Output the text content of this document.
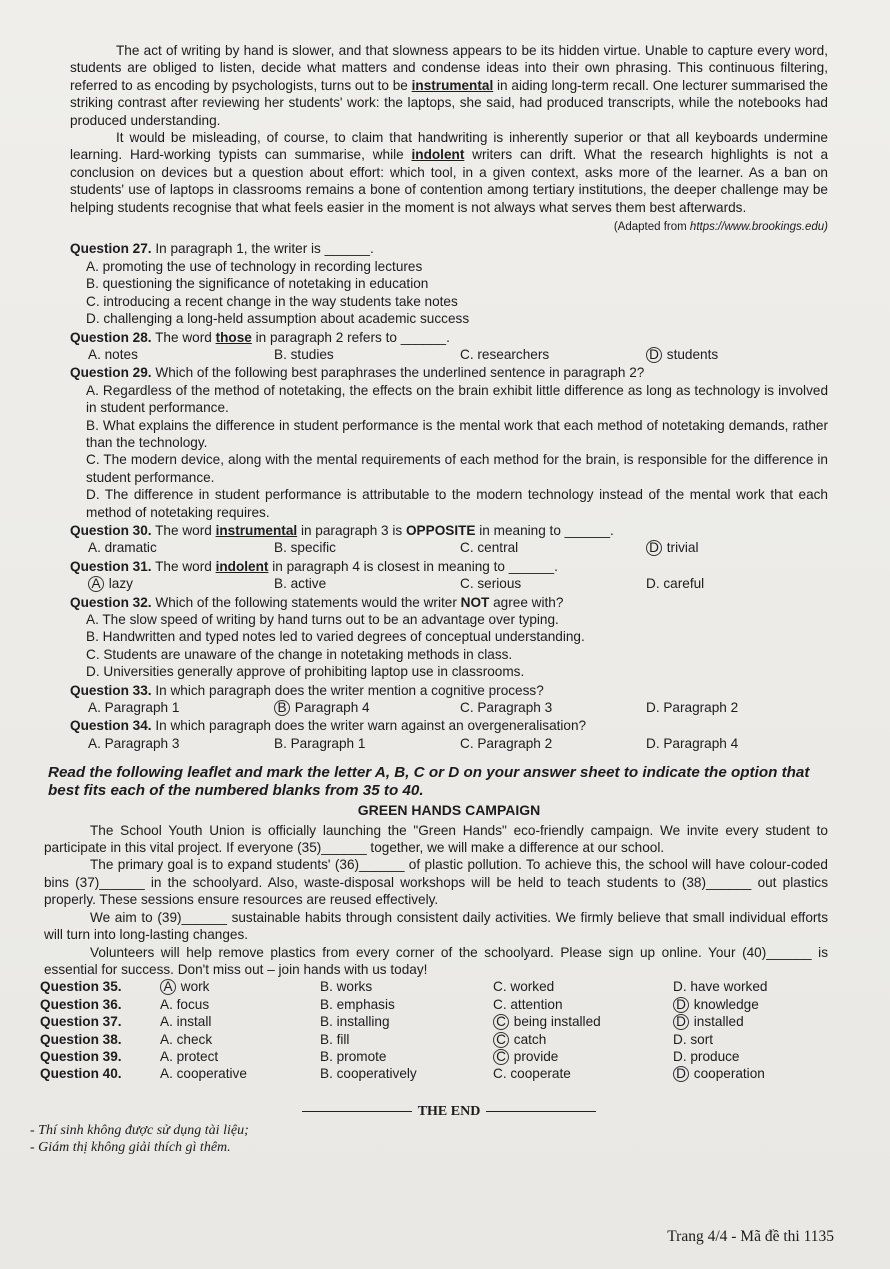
The act of writing by hand is slower, and that slowness appears to be its hidden virtue. Unable to capture every word, students are obliged to listen, decide what matters and condense ideas into their own phrasing. This continuous filtering, referred to as encoding by psychologists, turns out to be instrumental in aiding long-term recall. One lecturer summarised the striking contrast after reviewing her students' work: the laptops, she said, had produced transcripts, while the notebooks had produced understanding.

It would be misleading, of course, to claim that handwriting is inherently superior or that all keyboards undermine learning. Hard-working typists can summarise, while indolent writers can drift. What the research highlights is not a conclusion on devices but a question about effort: which tool, in a given context, asks more of the learner. As a ban on students' use of laptops in classrooms remains a bone of contention among tertiary institutions, the deeper challenge may be helping students recognise that what feels easier in the moment is not always what serves them best afterwards.

(Adapted from https://www.brookings.edu)
Question 27. In paragraph 1, the writer is ______.
A. promoting the use of technology in recording lectures
B. questioning the significance of notetaking in education
C. introducing a recent change in the way students take notes
D. challenging a long-held assumption about academic success
Question 28. The word those in paragraph 2 refers to ______.
A. notes	B. studies	C. researchers	D students
Question 29. Which of the following best paraphrases the underlined sentence in paragraph 2?

A. Regardless of the method of notetaking, the effects on the brain exhibit little difference as long as technology is involved in student performance.

B. What explains the difference in student performance is the mental work that each method of notetaking demands, rather than the technology.

C. The modern device, along with the mental requirements of each method for the brain, is responsible for the difference in student performance.

D. The difference in student performance is attributable to the modern technology instead of the mental work that each method of notetaking requires.

Question 30. The word instrumental in paragraph 3 is OPPOSITE in meaning to ______.
A. dramatic	B. specific	C. central	D trivial
Question 31. The word indolent in paragraph 4 is closest in meaning to ______.
A lazy	B. active	C. serious	D. careful
Question 32. Which of the following statements would the writer NOT agree with?
A. The slow speed of writing by hand turns out to be an advantage over typing.
B. Handwritten and typed notes led to varied degrees of conceptual understanding.
C. Students are unaware of the change in notetaking methods in class.
D. Universities generally approve of prohibiting laptop use in classrooms.
Question 33. In which paragraph does the writer mention a cognitive process?
A. Paragraph 1	B Paragraph 4	C. Paragraph 3	D. Paragraph 2
Question 34. In which paragraph does the writer warn against an overgeneralisation?
A. Paragraph 3	B. Paragraph 1	C. Paragraph 2	D. Paragraph 4

Read the following leaflet and mark the letter A, B, C or D on your answer sheet to indicate the option that best fits each of the numbered blanks from 35 to 40.

GREEN HANDS CAMPAIGN

The School Youth Union is officially launching the "Green Hands" eco-friendly campaign. We invite every student to participate in this vital project. If everyone (35)______ together, we will make a difference at our school.

The primary goal is to expand students' (36)______ of plastic pollution. To achieve this, the school will have colour-coded bins (37)______ in the schoolyard. Also, waste-disposal workshops will be held to teach students to (38)______ out plastics properly. These sessions ensure resources are reused effectively.

We aim to (39)______ sustainable habits through consistent daily activities. We firmly believe that small individual efforts will turn into long-lasting changes.

Volunteers will help remove plastics from every corner of the schoolyard. Please sign up online. Your (40)______ is essential for success. Don't miss out – join hands with us today!

Question 35.	A work	B. works	C. worked	D. have worked
Question 36.	A. focus	B. emphasis	C. attention	D knowledge
Question 37.	A. install	B. installing	C being installed	D installed
Question 38.	A. check	B. fill	C catch	D. sort
Question 39.	A. protect	B. promote	C provide	D. produce
Question 40.	A. cooperative	B. cooperatively	C. cooperate	D cooperation
THE END
- Thí sinh không được sử dụng tài liệu;
- Giám thị không giải thích gì thêm.
Trang 4/4 - Mã đề thi 1135
